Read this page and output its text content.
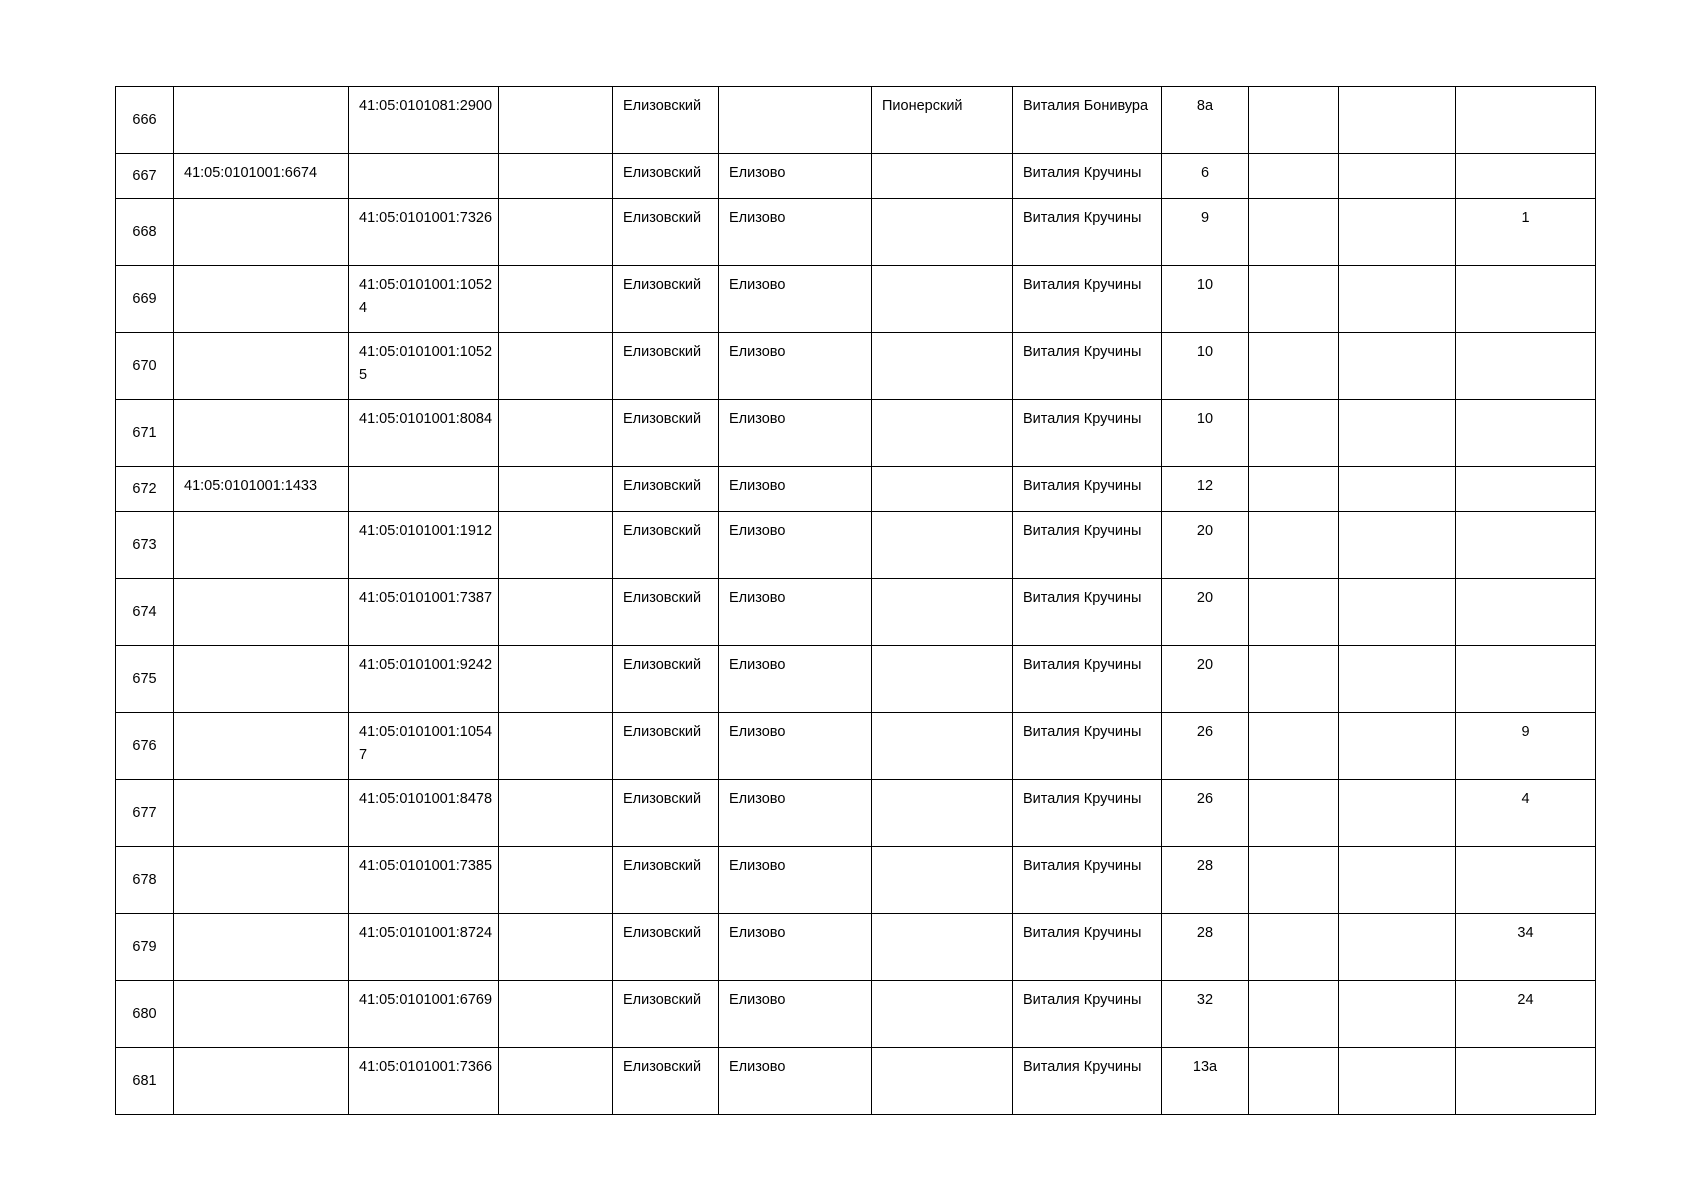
666		41:05:0101081:2900		Елизовский		Пионерский	Виталия Бонивура	8а			
667	41:05:0101001:6674			Елизовский	Елизово		Виталия Кручины	6			
668		41:05:0101001:7326		Елизовский	Елизово		Виталия Кручины	9			1
669		41:05:0101001:10524		Елизовский	Елизово		Виталия Кручины	10			
670		41:05:0101001:10525		Елизовский	Елизово		Виталия Кручины	10			
671		41:05:0101001:8084		Елизовский	Елизово		Виталия Кручины	10			
672	41:05:0101001:1433			Елизовский	Елизово		Виталия Кручины	12			
673		41:05:0101001:1912		Елизовский	Елизово		Виталия Кручины	20			
674		41:05:0101001:7387		Елизовский	Елизово		Виталия Кручины	20			
675		41:05:0101001:9242		Елизовский	Елизово		Виталия Кручины	20			
676		41:05:0101001:10547		Елизовский	Елизово		Виталия Кручины	26			9
677		41:05:0101001:8478		Елизовский	Елизово		Виталия Кручины	26			4
678		41:05:0101001:7385		Елизовский	Елизово		Виталия Кручины	28			
679		41:05:0101001:8724		Елизовский	Елизово		Виталия Кручины	28			34
680		41:05:0101001:6769		Елизовский	Елизово		Виталия Кручины	32			24
681		41:05:0101001:7366		Елизовский	Елизово		Виталия Кручины	13а			
